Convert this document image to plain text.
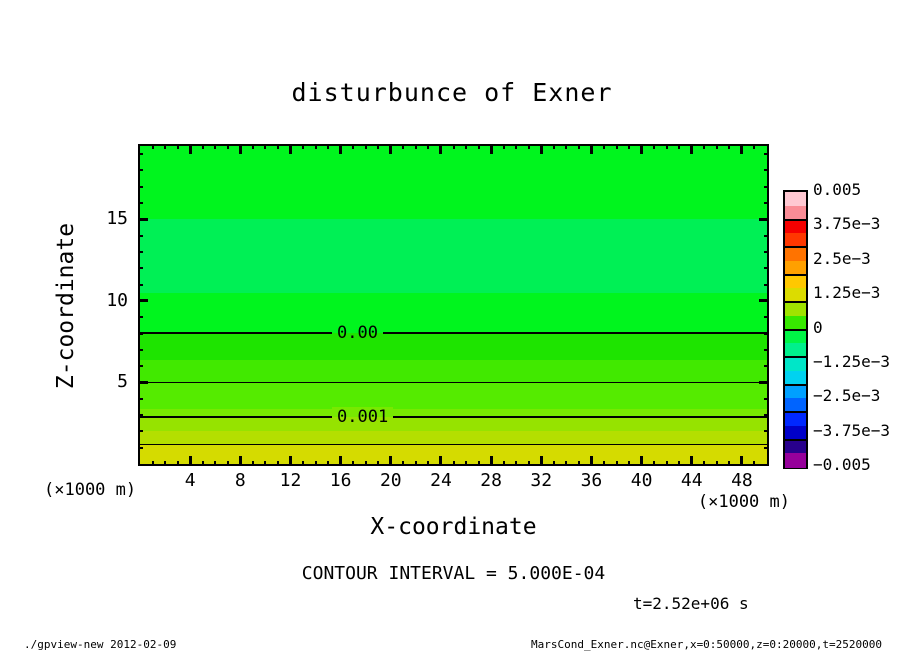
disturbunce of Exner
0.00
0.001
Z-coordinate
(×1000 m)
X-coordinate
(×1000 m)
CONTOUR INTERVAL = 5.000E-04
t=2.52e+06 s
./gpview-new 2012-02-09	MarsCond_Exner.nc@Exner,x=0:50000,z=0:20000,t=2520000
4	8	12	16	20	24	28	32	36	40	44	48
5
10
15
0.005
3.75e−3
2.5e−3
1.25e−3
0
−1.25e−3
−2.5e−3
−3.75e−3
−0.005
